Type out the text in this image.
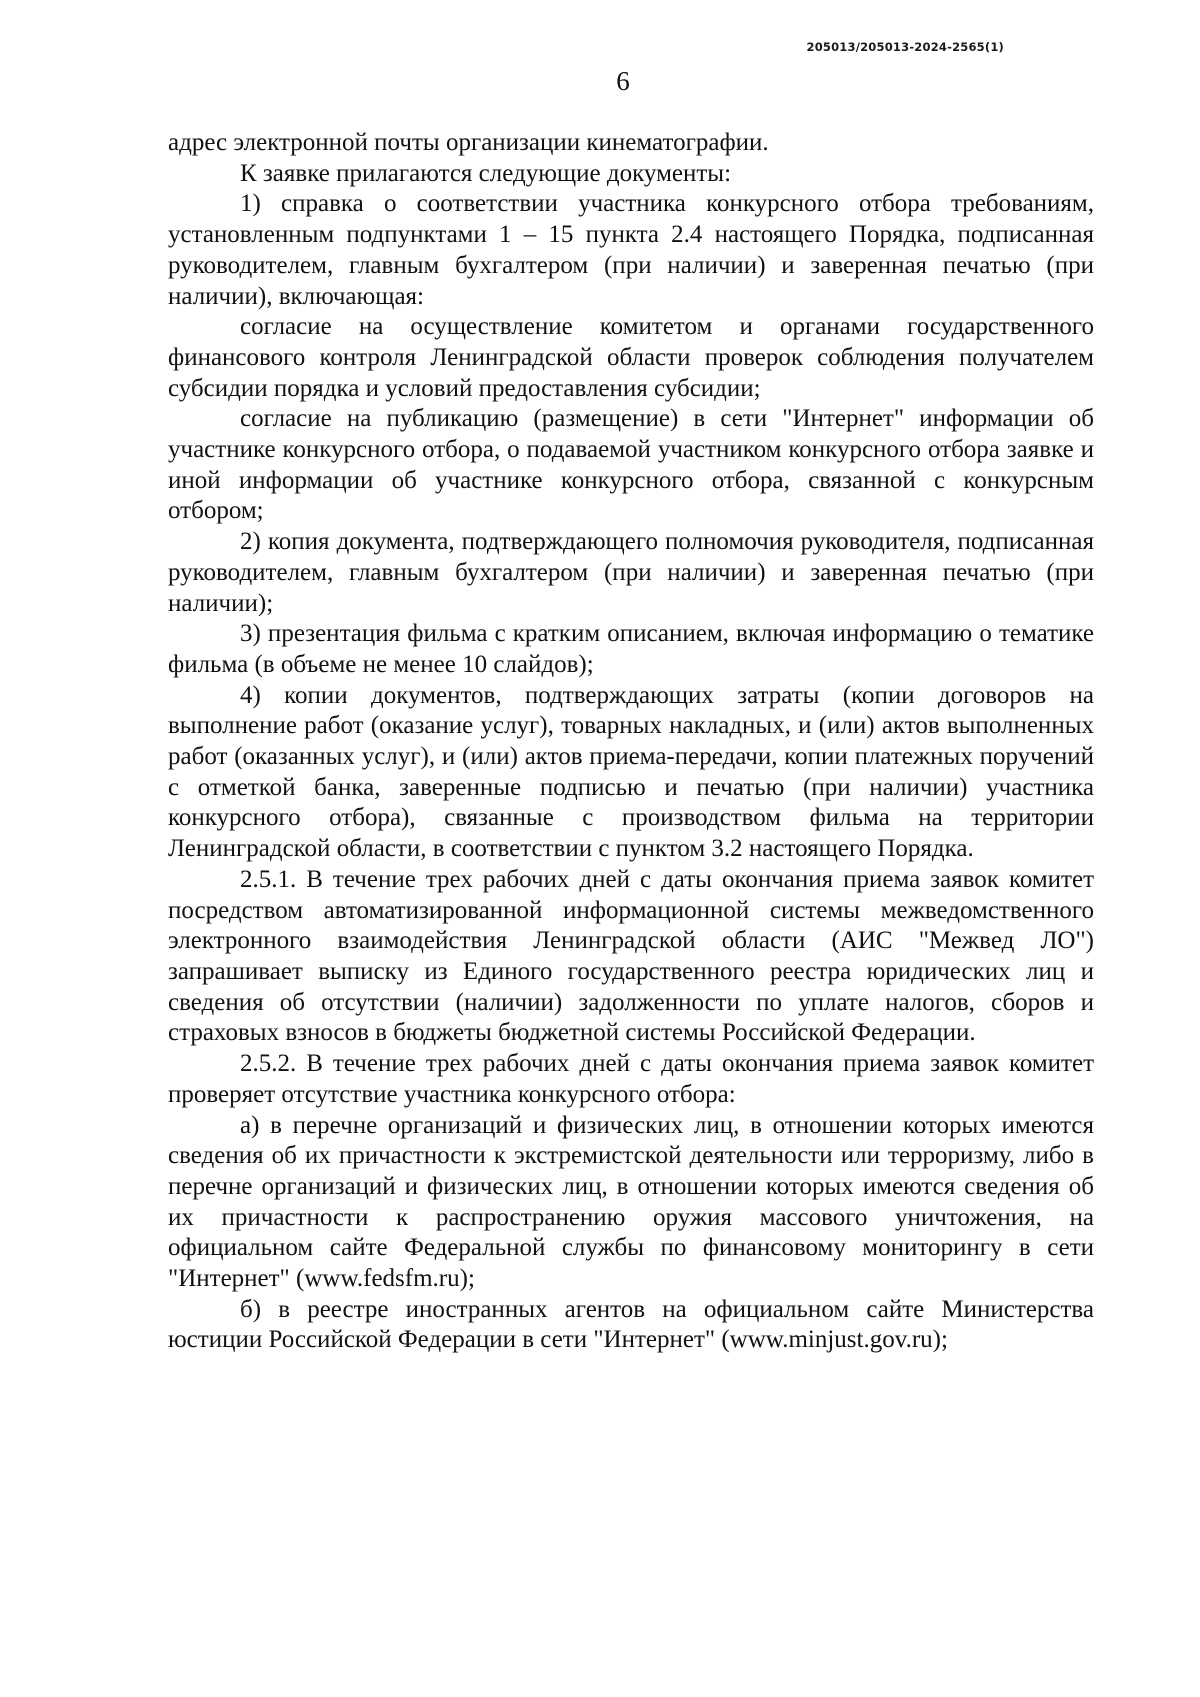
205013/205013-2024-2565(1)
6

адрес электронной почты организации кинематографии.

К заявке прилагаются следующие документы:

1) справка о соответствии участника конкурсного отбора требованиям, установленным подпунктами 1 – 15 пункта 2.4 настоящего Порядка, подписанная руководителем, главным бухгалтером (при наличии) и заверенная печатью (при наличии), включающая:

согласие на осуществление комитетом и органами государственного финансового контроля Ленинградской области проверок соблюдения получателем субсидии порядка и условий предоставления субсидии;

согласие на публикацию (размещение) в сети "Интернет" информации об участнике конкурсного отбора, о подаваемой участником конкурсного отбора заявке и иной информации об участнике конкурсного отбора, связанной с конкурсным отбором;

2) копия документа, подтверждающего полномочия руководителя, подписанная руководителем, главным бухгалтером (при наличии) и заверенная печатью (при наличии);

3) презентация фильма с кратким описанием, включая информацию о тематике фильма (в объеме не менее 10 слайдов);

4) копии документов, подтверждающих затраты (копии договоров на выполнение работ (оказание услуг), товарных накладных, и (или) актов выполненных работ (оказанных услуг), и (или) актов приема-передачи, копии платежных поручений с отметкой банка, заверенные подписью и печатью (при наличии) участника конкурсного отбора), связанные с производством фильма на территории Ленинградской области, в соответствии с пунктом 3.2 настоящего Порядка.

2.5.1. В течение трех рабочих дней с даты окончания приема заявок комитет посредством автоматизированной информационной системы межведомственного электронного взаимодействия Ленинградской области (АИС "Межвед ЛО") запрашивает выписку из Единого государственного реестра юридических лиц и сведения об отсутствии (наличии) задолженности по уплате налогов, сборов и страховых взносов в бюджеты бюджетной системы Российской Федерации.

2.5.2. В течение трех рабочих дней с даты окончания приема заявок комитет проверяет отсутствие участника конкурсного отбора:

а) в перечне организаций и физических лиц, в отношении которых имеются сведения об их причастности к экстремистской деятельности или терроризму, либо в перечне организаций и физических лиц, в отношении которых имеются сведения об их причастности к распространению оружия массового уничтожения, на официальном сайте Федеральной службы по финансовому мониторингу в сети "Интернет" (www.fedsfm.ru);

б) в реестре иностранных агентов на официальном сайте Министерства юстиции Российской Федерации в сети "Интернет" (www.minjust.gov.ru);
